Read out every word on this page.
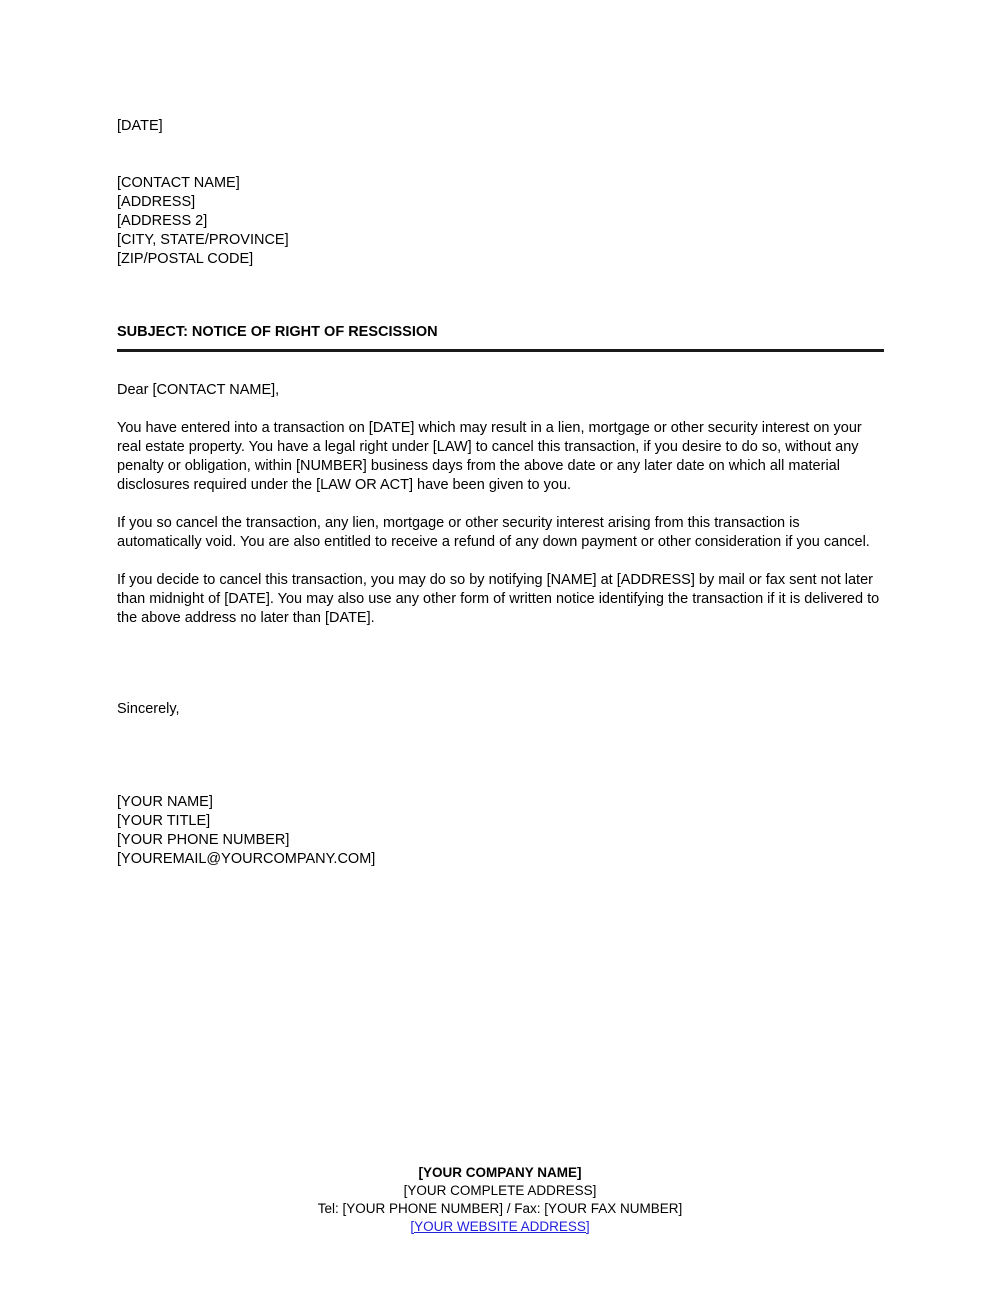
[DATE]
[CONTACT NAME]
[ADDRESS]
[ADDRESS 2]
[CITY, STATE/PROVINCE]
[ZIP/POSTAL CODE]
SUBJECT: NOTICE OF RIGHT OF RESCISSION

Dear [CONTACT NAME],

You have entered into a transaction on [DATE] which may result in a lien, mortgage or other security interest on your real estate property. You have a legal right under [LAW] to cancel this transaction, if you desire to do so, without any penalty or obligation, within [NUMBER] business days from the above date or any later date on which all material disclosures required under the [LAW OR ACT] have been given to you.

If you so cancel the transaction, any lien, mortgage or other security interest arising from this transaction is automatically void. You are also entitled to receive a refund of any down payment or other consideration if you cancel.

If you decide to cancel this transaction, you may do so by notifying [NAME] at [ADDRESS] by mail or fax sent not later than midnight of [DATE]. You may also use any other form of written notice identifying the transaction if it is delivered to the above address no later than [DATE].

Sincerely,
[YOUR NAME]
[YOUR TITLE]
[YOUR PHONE NUMBER]
[YOUREMAIL@YOURCOMPANY.COM]
[YOUR COMPANY NAME]
[YOUR COMPLETE ADDRESS]
Tel: [YOUR PHONE NUMBER] / Fax: [YOUR FAX NUMBER]
[YOUR WEBSITE ADDRESS]
